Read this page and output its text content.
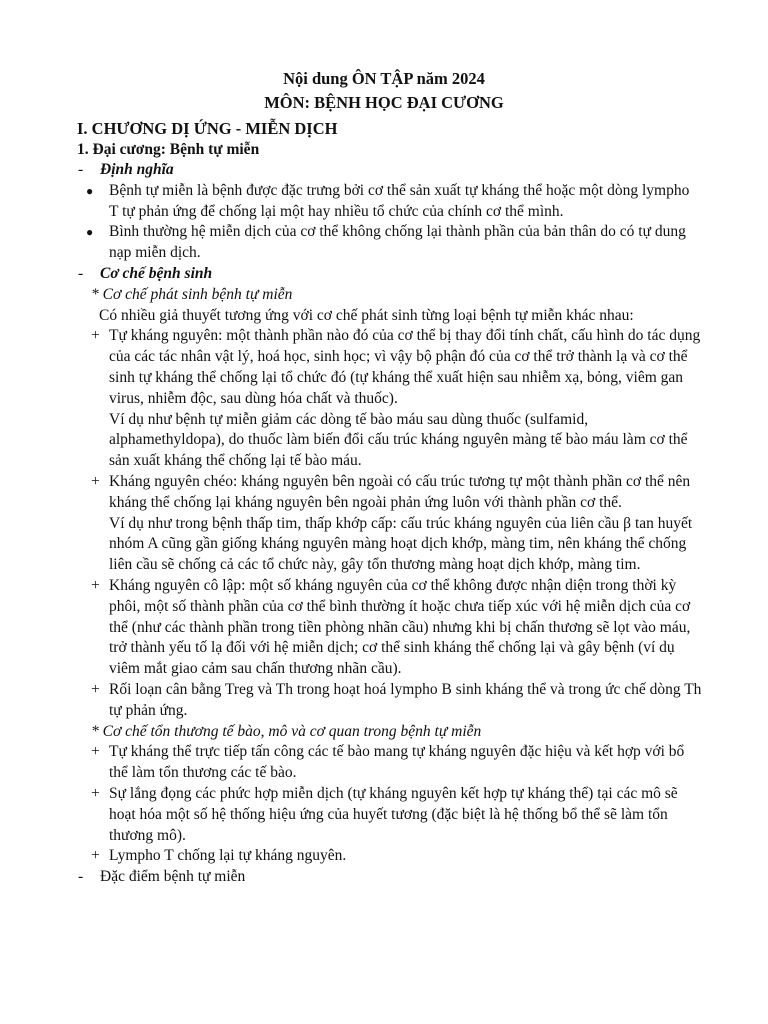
Nội dung ÔN TẬP năm 2024
MÔN: BỆNH HỌC ĐẠI CƯƠNG
I. CHƯƠNG DỊ ỨNG - MIỄN DỊCH
1. Đại cương: Bệnh tự miễn
- Định nghĩa
● Bệnh tự miễn là bệnh được đặc trưng bởi cơ thể sản xuất tự kháng thể hoặc một dòng lympho T tự phản ứng để chống lại một hay nhiều tổ chức của chính cơ thể mình.
● Bình thường hệ miễn dịch của cơ thể không chống lại thành phần của bản thân do có tự dung nạp miễn dịch.
- Cơ chế bệnh sinh
* Cơ chế phát sinh bệnh tự miễn
Có nhiều giả thuyết tương ứng với cơ chế phát sinh từng loại bệnh tự miễn khác nhau:
+ Tự kháng nguyên: một thành phần nào đó của cơ thể bị thay đổi tính chất, cấu hình do tác dụng của các tác nhân vật lý, hoá học, sinh học; vì vậy bộ phận đó của cơ thể trở thành lạ và cơ thể sinh tự kháng thể chống lại tổ chức đó (tự kháng thể xuất hiện sau nhiễm xạ, bỏng, viêm gan virus, nhiễm độc, sau dùng hóa chất và thuốc).
Ví dụ như bệnh tự miễn giảm các dòng tế bào máu sau dùng thuốc (sulfamid, alphamethyldopa), do thuốc làm biến đổi cấu trúc kháng nguyên màng tế bào máu làm cơ thể sản xuất kháng thể chống lại tế bào máu.
+ Kháng nguyên chéo: kháng nguyên bên ngoài có cấu trúc tương tự một thành phần cơ thể nên kháng thể chống lại kháng nguyên bên ngoài phản ứng luôn với thành phần cơ thể.
Ví dụ như trong bệnh thấp tim, thấp khớp cấp: cấu trúc kháng nguyên của liên cầu β tan huyết nhóm A cũng gần giống kháng nguyên màng hoạt dịch khớp, màng tim, nên kháng thể chống liên cầu sẽ chống cả các tổ chức này, gây tổn thương màng hoạt dịch khớp, màng tim.
+ Kháng nguyên cô lập: một số kháng nguyên của cơ thể không được nhận diện trong thời kỳ phôi, một số thành phần của cơ thể bình thường ít hoặc chưa tiếp xúc với hệ miễn dịch của cơ thể (như các thành phần trong tiền phòng nhãn cầu) nhưng khi bị chấn thương sẽ lọt vào máu, trở thành yếu tố lạ đối với hệ miễn dịch; cơ thể sinh kháng thể chống lại và gây bệnh (ví dụ viêm mắt giao cảm sau chấn thương nhãn cầu).
+ Rối loạn cân bằng Treg và Th trong hoạt hoá lympho B sinh kháng thể và trong ức chế dòng Th tự phản ứng.
* Cơ chế tổn thương tế bào, mô và cơ quan trong bệnh tự miễn
+ Tự kháng thể trực tiếp tấn công các tế bào mang tự kháng nguyên đặc hiệu và kết hợp với bổ thể làm tổn thương các tế bào.
+ Sự lắng đọng các phức hợp miễn dịch (tự kháng nguyên kết hợp tự kháng thể) tại các mô sẽ hoạt hóa một số hệ thống hiệu ứng của huyết tương (đặc biệt là hệ thống bổ thể sẽ làm tổn thương mô).
+ Lympho T chống lại tự kháng nguyên.
- Đặc điểm bệnh tự miễn
